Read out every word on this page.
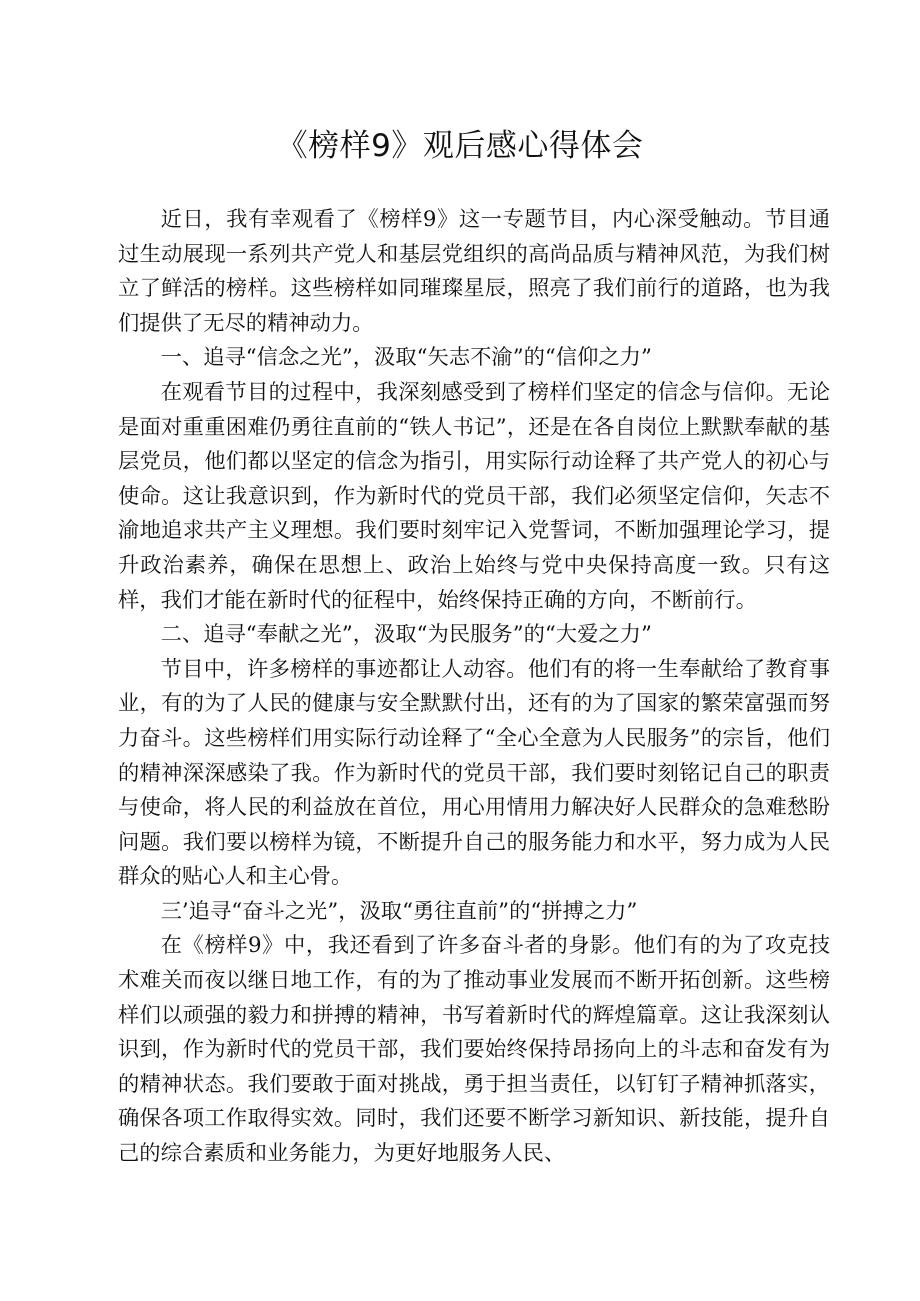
《榜样9》观后感心得体会

近日，我有幸观看了《榜样9》这一专题节目，内心深受触动。节目通过生动展现一系列共产党人和基层党组织的高尚品质与精神风范，为我们树立了鲜活的榜样。这些榜样如同璀璨星辰，照亮了我们前行的道路，也为我们提供了无尽的精神动力。

一、追寻“信念之光”，汲取“矢志不渝”的“信仰之力”

在观看节目的过程中，我深刻感受到了榜样们坚定的信念与信仰。无论是面对重重困难仍勇往直前的“铁人书记”，还是在各自岗位上默默奉献的基层党员，他们都以坚定的信念为指引，用实际行动诠释了共产党人的初心与使命。这让我意识到，作为新时代的党员干部，我们必须坚定信仰，矢志不渝地追求共产主义理想。我们要时刻牢记入党誓词，不断加强理论学习，提升政治素养，确保在思想上、政治上始终与党中央保持高度一致。只有这样，我们才能在新时代的征程中，始终保持正确的方向，不断前行。

二、追寻“奉献之光”，汲取“为民服务”的“大爱之力”

节目中，许多榜样的事迹都让人动容。他们有的将一生奉献给了教育事业，有的为了人民的健康与安全默默付出，还有的为了国家的繁荣富强而努力奋斗。这些榜样们用实际行动诠释了“全心全意为人民服务”的宗旨，他们的精神深深感染了我。作为新时代的党员干部，我们要时刻铭记自己的职责与使命，将人民的利益放在首位，用心用情用力解决好人民群众的急难愁盼问题。我们要以榜样为镜，不断提升自己的服务能力和水平，努力成为人民群众的贴心人和主心骨。

三’追寻“奋斗之光”，汲取“勇往直前”的“拼搏之力”

在《榜样9》中，我还看到了许多奋斗者的身影。他们有的为了攻克技术难关而夜以继日地工作，有的为了推动事业发展而不断开拓创新。这些榜样们以顽强的毅力和拼搏的精神，书写着新时代的辉煌篇章。这让我深刻认识到，作为新时代的党员干部，我们要始终保持昂扬向上的斗志和奋发有为的精神状态。我们要敢于面对挑战，勇于担当责任，以钉钉子精神抓落实，确保各项工作取得实效。同时，我们还要不断学习新知识、新技能，提升自己的综合素质和业务能力，为更好地服务人民、
